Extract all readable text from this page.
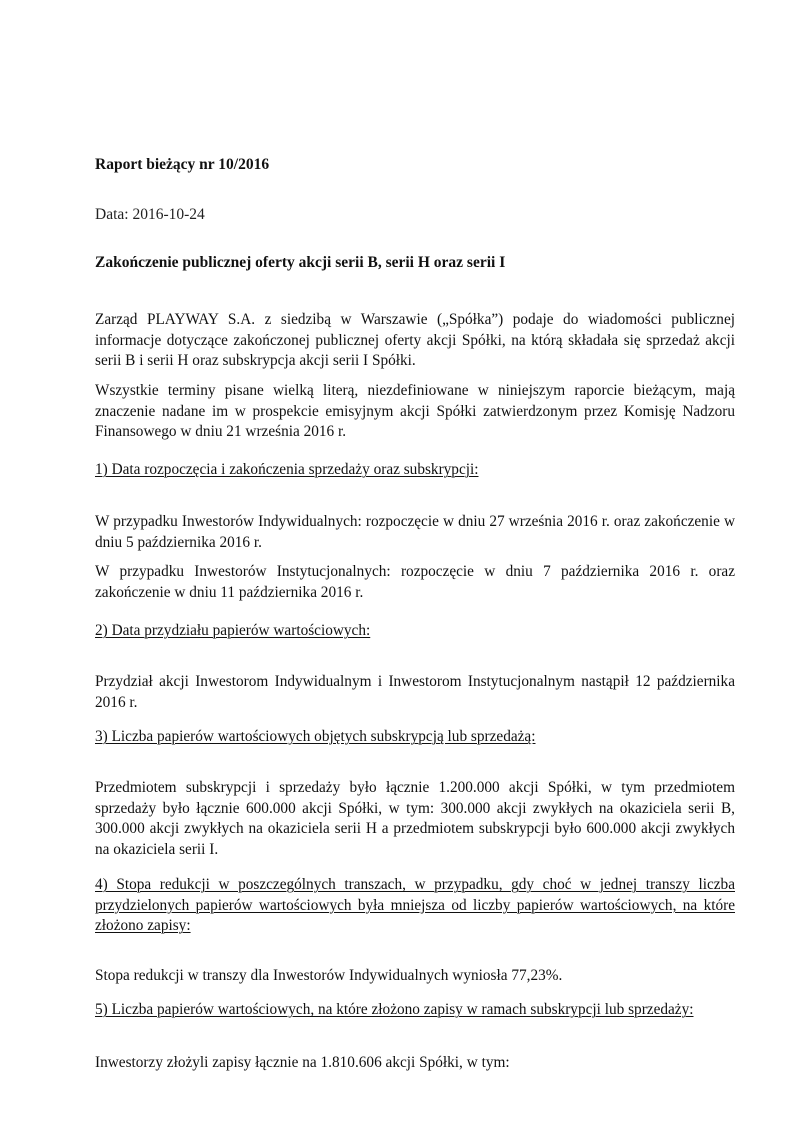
Raport bieżący nr 10/2016

Data: 2016-10-24

Zakończenie publicznej oferty akcji serii B, serii H oraz serii I

Zarząd PLAYWAY S.A. z siedzibą w Warszawie („Spółka”) podaje do wiadomości publicznej informacje dotyczące zakończonej publicznej oferty akcji Spółki, na którą składała się sprzedaż akcji serii B i serii H oraz subskrypcja akcji serii I Spółki.

Wszystkie terminy pisane wielką literą, niezdefiniowane w niniejszym raporcie bieżącym, mają znaczenie nadane im w prospekcie emisyjnym akcji Spółki zatwierdzonym przez Komisję Nadzoru Finansowego w dniu 21 września 2016 r.

1) Data rozpoczęcia i zakończenia sprzedaży oraz subskrypcji:

W przypadku Inwestorów Indywidualnych: rozpoczęcie w dniu 27 września 2016 r. oraz zakończenie w dniu 5 października 2016 r.

W przypadku Inwestorów Instytucjonalnych: rozpoczęcie w dniu 7 października 2016 r. oraz zakończenie w dniu 11 października 2016 r.

2) Data przydziału papierów wartościowych:

Przydział akcji Inwestorom Indywidualnym i Inwestorom Instytucjonalnym nastąpił 12 października 2016 r.

3) Liczba papierów wartościowych objętych subskrypcją lub sprzedażą:

Przedmiotem subskrypcji i sprzedaży było łącznie 1.200.000 akcji Spółki, w tym przedmiotem sprzedaży było łącznie 600.000 akcji Spółki, w tym: 300.000 akcji zwykłych na okaziciela serii B, 300.000 akcji zwykłych na okaziciela serii H a przedmiotem subskrypcji było 600.000 akcji zwykłych na okaziciela serii I.

4) Stopa redukcji w poszczególnych transzach, w przypadku, gdy choć w jednej transzy liczba przydzielonych papierów wartościowych była mniejsza od liczby papierów wartościowych, na które złożono zapisy:

Stopa redukcji w transzy dla Inwestorów Indywidualnych wyniosła 77,23%.

5) Liczba papierów wartościowych, na które złożono zapisy w ramach subskrypcji lub sprzedaży:

Inwestorzy złożyli zapisy łącznie na 1.810.606 akcji Spółki, w tym:
